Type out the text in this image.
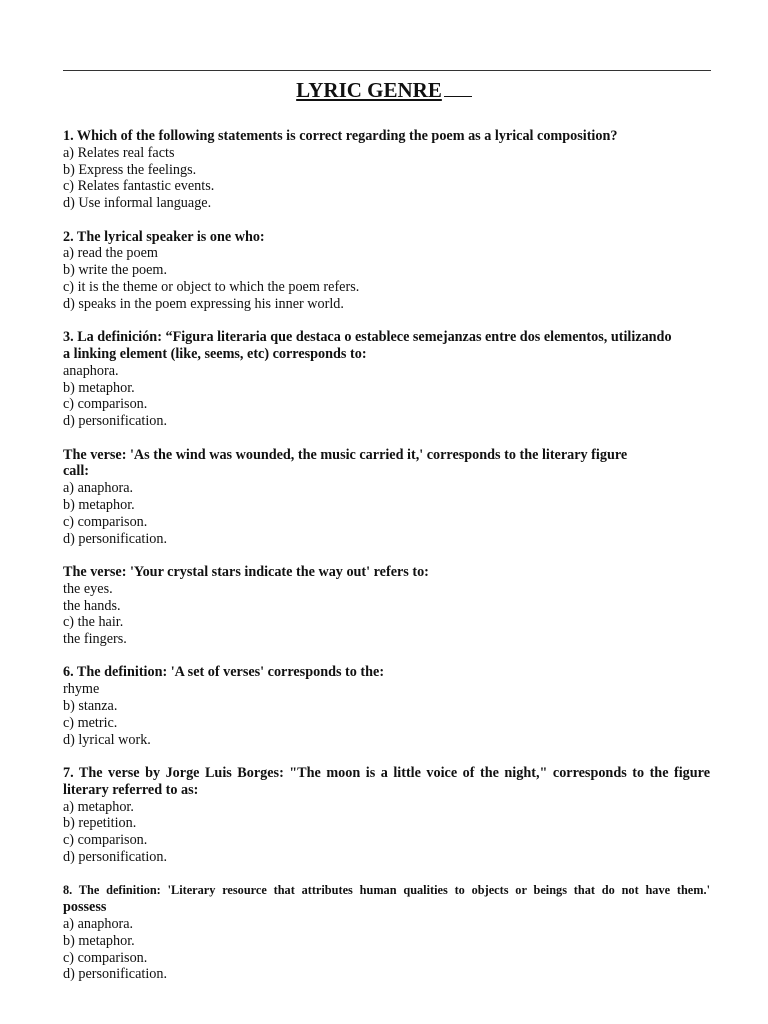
LYRIC GENRE
1. Which of the following statements is correct regarding the poem as a lyrical composition?
a) Relates real facts
b) Express the feelings.
c) Relates fantastic events.
d) Use informal language.
2. The lyrical speaker is one who:
a) read the poem
b) write the poem.
c) it is the theme or object to which the poem refers.
d) speaks in the poem expressing his inner world.
3. La definición: “Figura literaria que destaca o establece semejanzas entre dos elementos, utilizando
a linking element (like, seems, etc) corresponds to:
anaphora.
b) metaphor.
c) comparison.
d) personification.
The verse: 'As the wind was wounded, the music carried it,' corresponds to the literary figure
call:
a) anaphora.
b) metaphor.
c) comparison.
d) personification.
The verse: 'Your crystal stars indicate the way out' refers to:
the eyes.
the hands.
c) the hair.
the fingers.
6. The definition: 'A set of verses' corresponds to the:
rhyme
b) stanza.
c) metric.
d) lyrical work.
7. The verse by Jorge Luis Borges: "The moon is a little voice of the night," corresponds to the figure
literary referred to as:
a) metaphor.
b) repetition.
c) comparison.
d) personification.
8. The definition: 'Literary resource that attributes human qualities to objects or beings that do not have them.'
possess
a) anaphora.
b) metaphor.
c) comparison.
d) personification.
